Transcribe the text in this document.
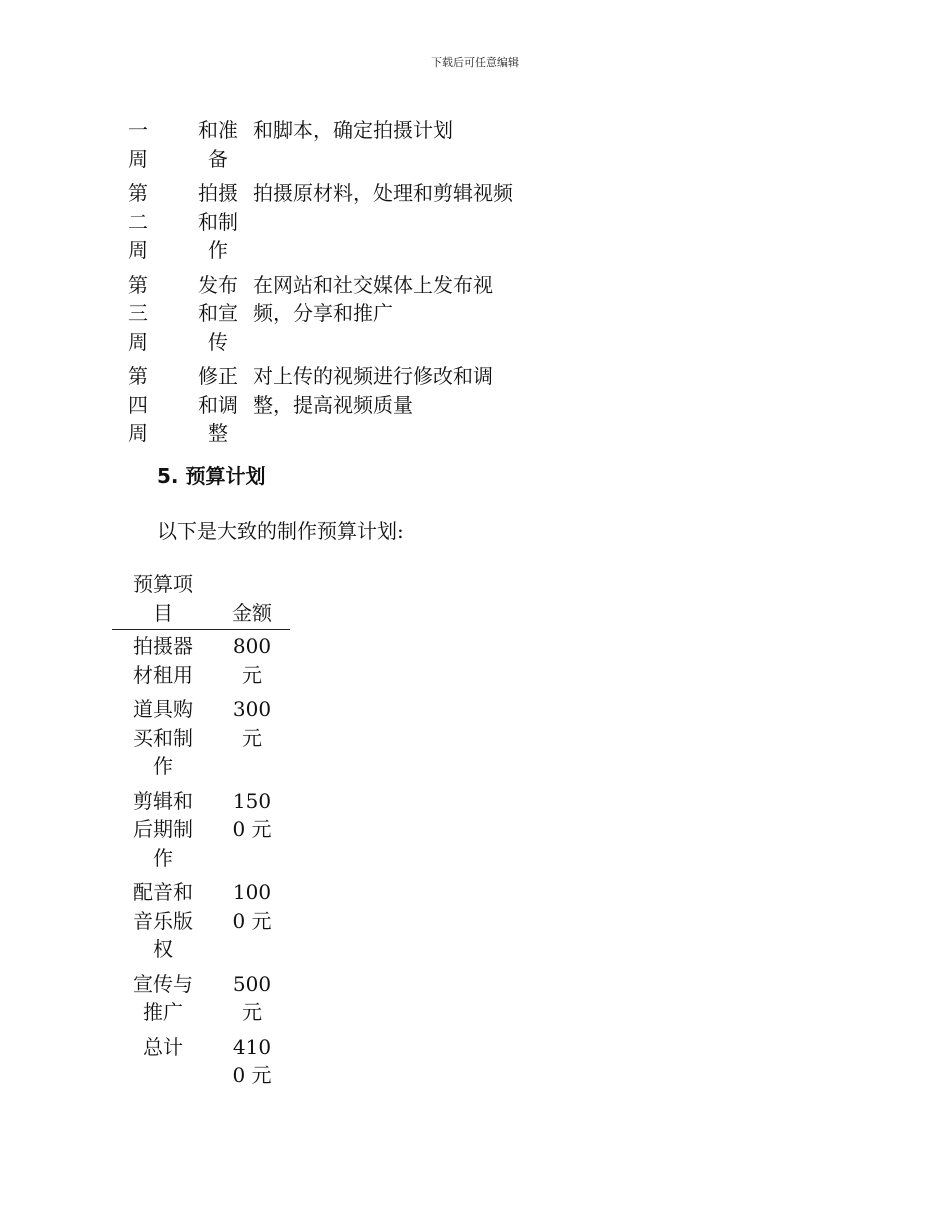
下载后可任意编辑
一周	和准备	和脚本，确定拍摄计划
第二周	拍摄和制作	拍摄原材料，处理和剪辑视频
第三周	发布和宣传	在网站和社交媒体上发布视频，分享和推广
第四周	修正和调整	对上传的视频进行修改和调整，提高视频质量
5. 预算计划
以下是大致的制作预算计划:
预算项目	金额
拍摄器材租用	800 元
道具购买和制作	300 元
剪辑和后期制作	1500 元
配音和音乐版权	1000 元
宣传与推广	500 元
总计	4100 元
